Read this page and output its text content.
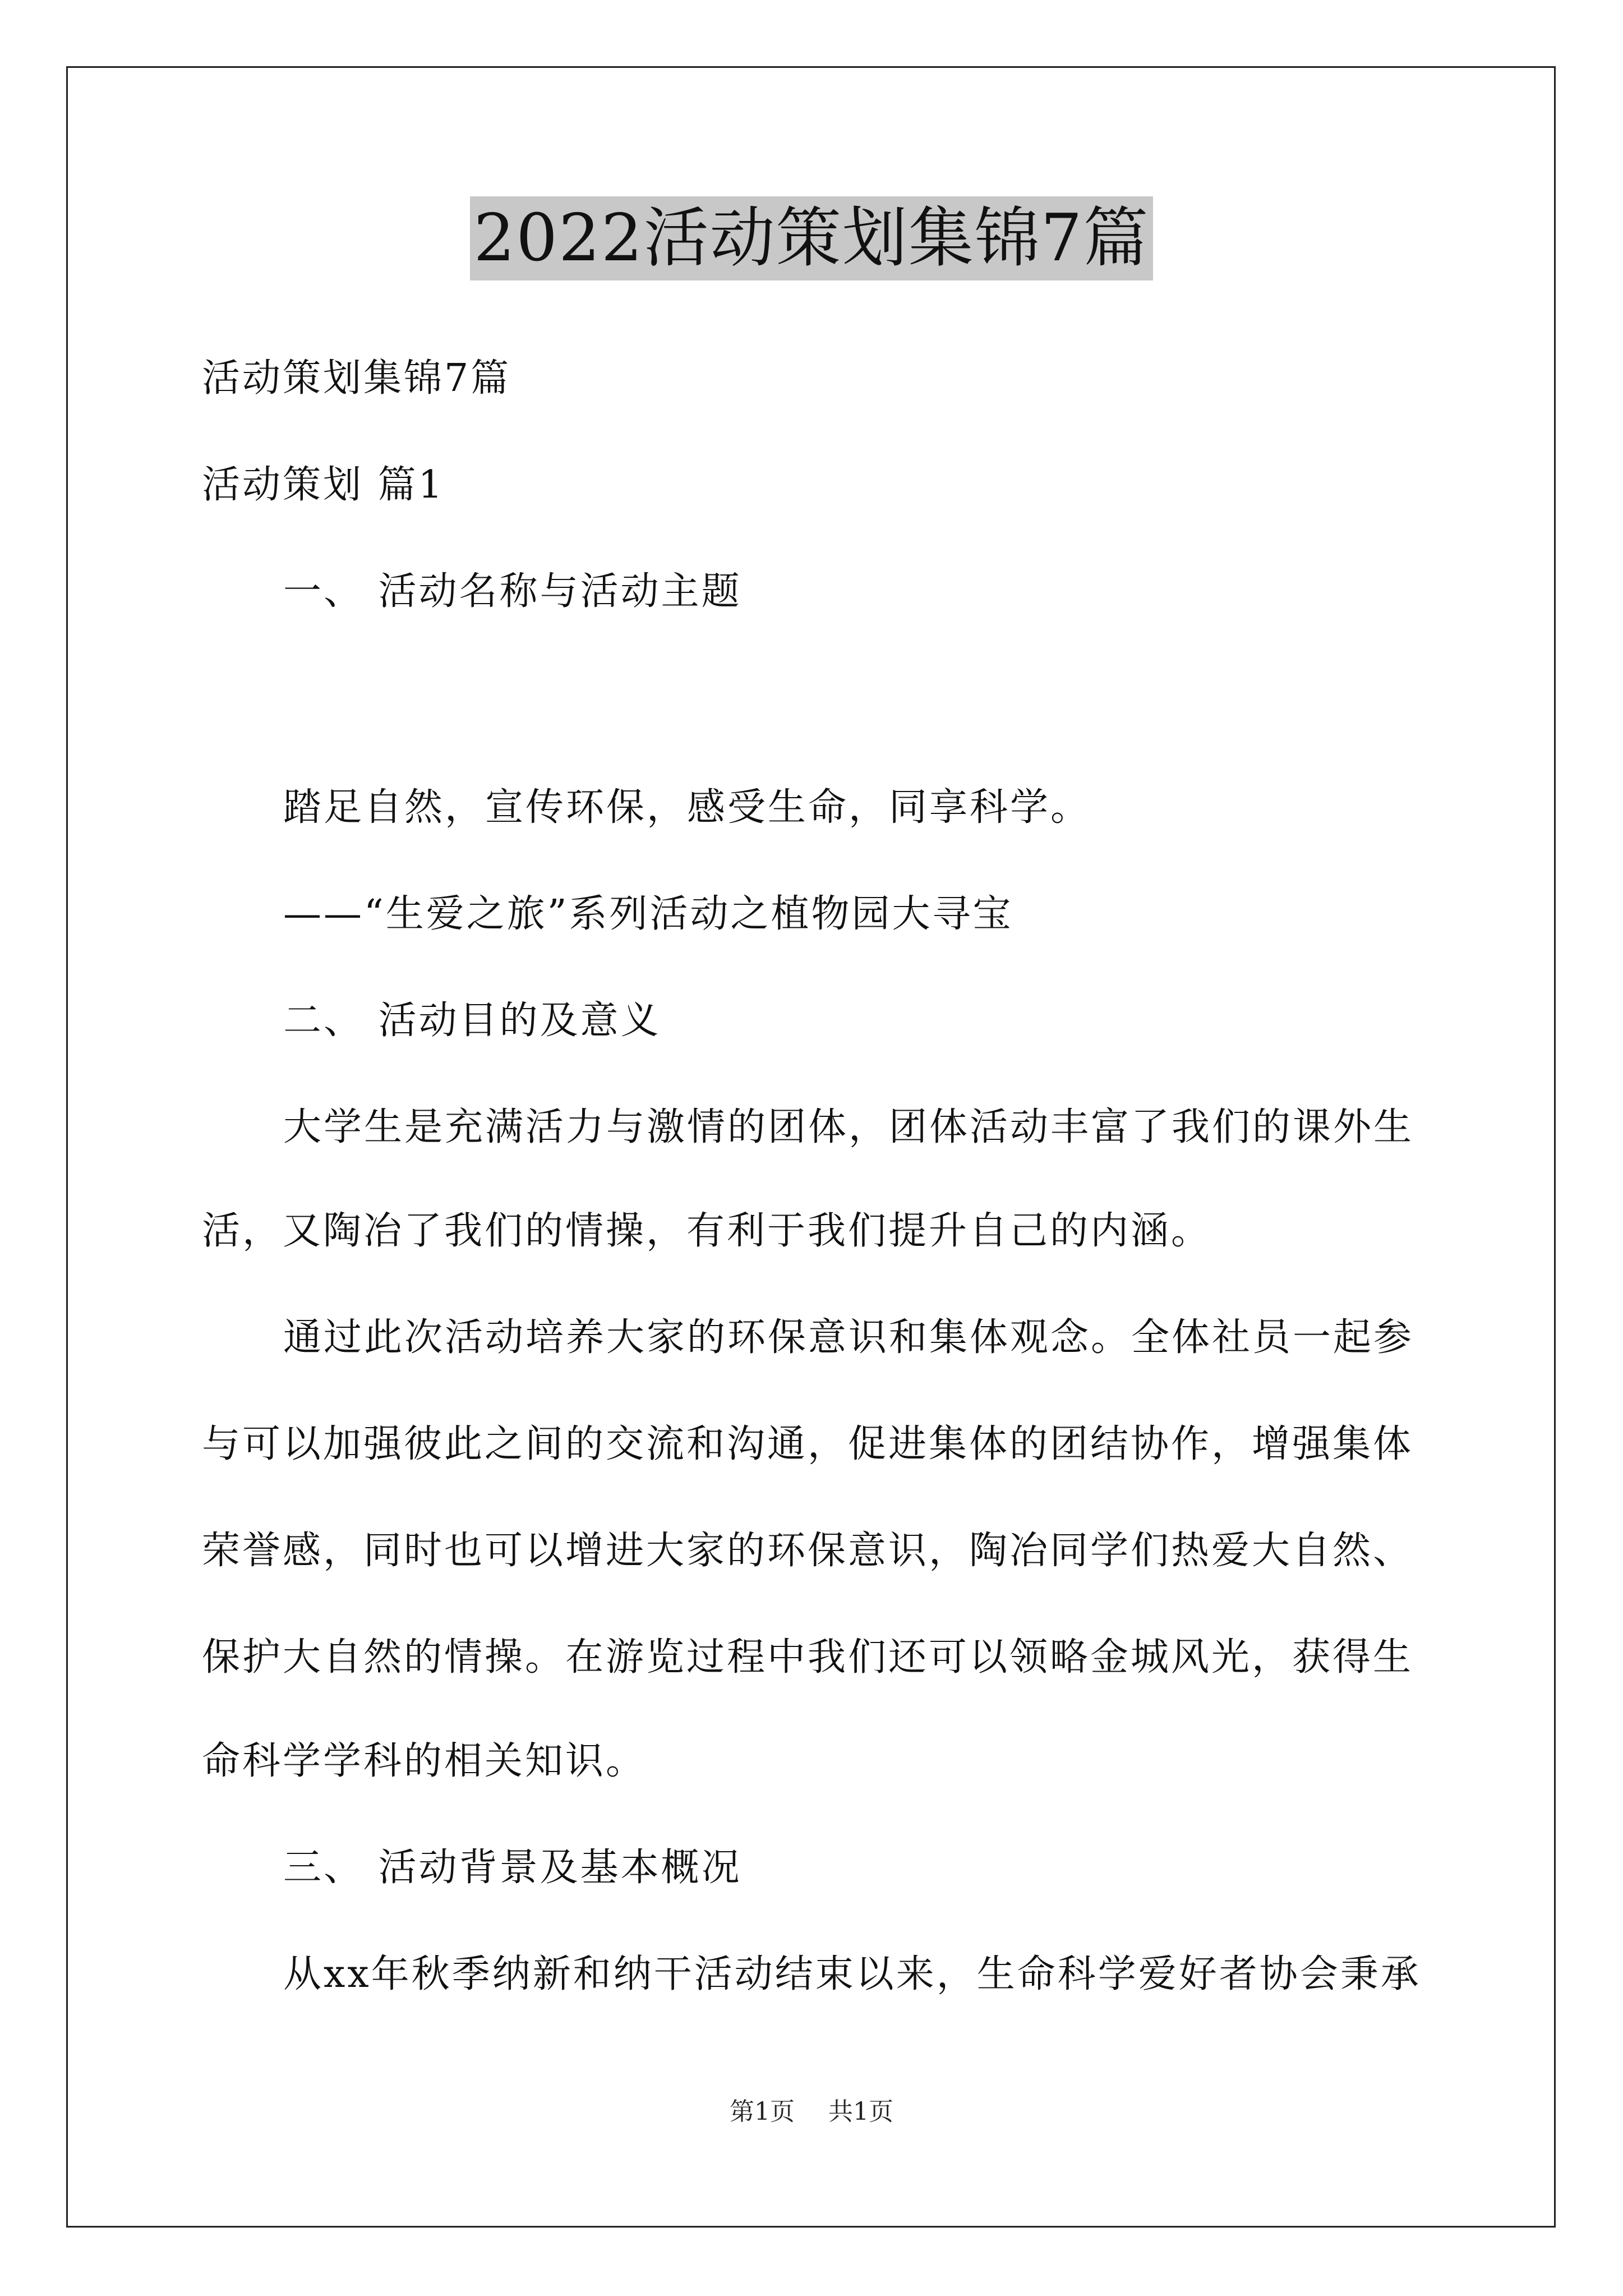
2022活动策划集锦7篇
活动策划集锦7篇
活动策划 篇1
一、 活动名称与活动主题
踏足自然，宣传环保，感受生命，同享科学。
——“生爱之旅”系列活动之植物园大寻宝
二、 活动目的及意义
大学生是充满活力与激情的团体，团体活动丰富了我们的课外生
活，又陶冶了我们的情操，有利于我们提升自己的内涵。
通过此次活动培养大家的环保意识和集体观念。全体社员一起参
与可以加强彼此之间的交流和沟通，促进集体的团结协作，增强集体
荣誉感，同时也可以增进大家的环保意识，陶冶同学们热爱大自然、
保护大自然的情操。在游览过程中我们还可以领略金城风光，获得生
命科学学科的相关知识。
三、 活动背景及基本概况
从xx年秋季纳新和纳干活动结束以来，生命科学爱好者协会秉承
第1页 共1页
